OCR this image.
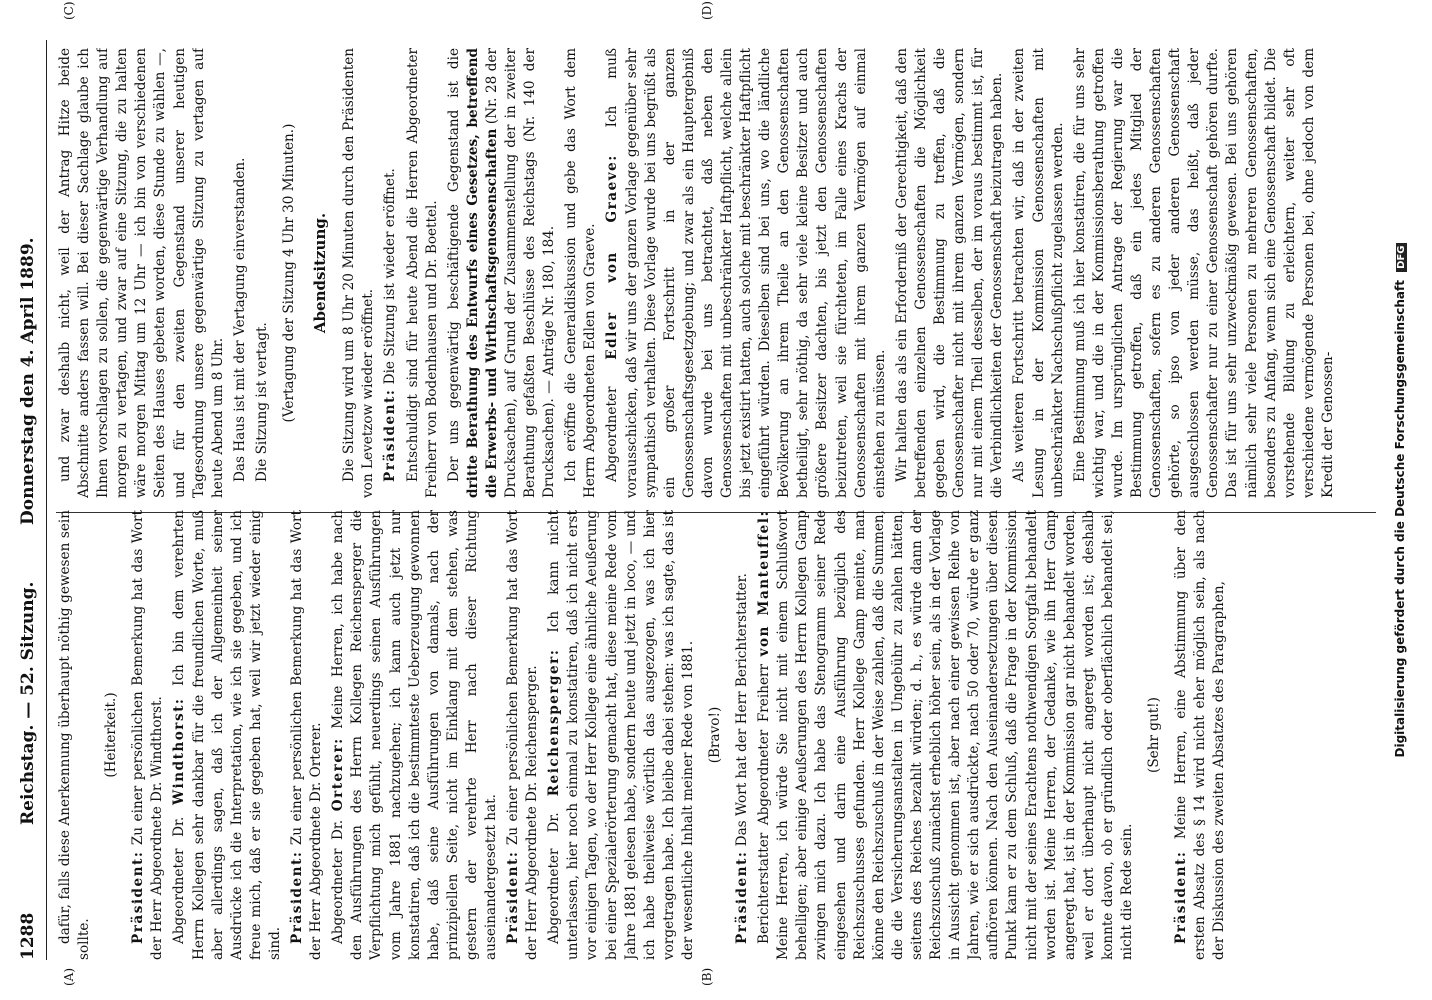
1288
Reichstag. — 52. Sitzung.
Donnerstag den 4. April 1889.
(A)	(B)
(C)	(D)

dafür, falls diese Anerkennung überhaupt nöthig gewesen sein sollte.

(Heiterkeit.)

Präsident: Zu einer persönlichen Bemerkung hat das Wort der Herr Abgeordnete Dr. Windthorst. Abgeordneter Dr. Windthorst: Ich bin dem verehrten Herrn Kollegen sehr dankbar für die freundlichen Worte, muß aber allerdings sagen, daß ich der Allgemeinheit seiner Ausdrücke ich die Interpretation, wie ich sie gegeben, und ich freue mich, daß er sie gegeben hat, weil wir jetzt wieder einig sind. Präsident: Zu einer persönlichen Bemerkung hat das Wort der Herr Abgeordnete Dr. Orterer. Abgeordneter Dr. Orterer: Meine Herren, ich habe nach den Ausführungen des Herrn Kollegen Reichensperger die Verpflichtung mich gefühlt, neuerdings seinen Ausführungen vom Jahre 1881 nachzugehen; ich kann auch jetzt nur konstatiren, daß ich die bestimmteste Ueberzeugung gewonnen habe, daß seine Ausführungen von damals, nach der prinzipiellen Seite, nicht im Einklang mit dem stehen, was gestern der verehrte Herr nach dieser Richtung auseinandergesetzt hat. Präsident: Zu einer persönlichen Bemerkung hat das Wort der Herr Abgeordnete Dr. Reichensperger. Abgeordneter Dr. Reichensperger: Ich kann nicht unterlassen, hier noch einmal zu konstatiren, daß ich nicht erst vor einigen Tagen, wo der Herr Kollege eine ähnliche Aeußerung bei einer Spezialerörterung gemacht hat, diese meine Rede vom Jahre 1881 gelesen habe, sondern heute und jetzt in loco, — und ich habe theilweise wörtlich das ausgezogen, was ich hier vorgetragen habe. Ich bleibe dabei stehen: was ich sagte, das ist der wesentliche Inhalt meiner Rede von 1881. (Bravo!)

Präsident: Das Wort hat der Herr Berichterstatter. Berichterstatter Abgeordneter Freiherr von Manteuffel: Meine Herren, ich würde Sie nicht mit einem Schlußwort behelligen; aber einige Aeußerungen des Herrn Kollegen Gamp zwingen mich dazu. Ich habe das Stenogramm seiner Rede eingesehen und darin eine Ausführung bezüglich des Reichszuschusses gefunden. Herr Kollege Gamp meinte, man könne den Reichszuschuß in der Weise zahlen, daß die Summen, die die Versicherungsanstalten in Ungebühr zu zahlen hätten, seitens des Reiches bezahlt würden; d. h., es würde dann der Reichszuschuß zunächst erheblich höher sein, als in der Vorlage in Aussicht genommen ist, aber nach einer gewissen Reihe von Jahren, wie er sich ausdrückte, nach 50 oder 70, würde er ganz aufhören können. Nach den Auseinandersetzungen über diesen Punkt kam er zu dem Schluß, daß die Frage in der Kommission nicht mit der seines Erachtens nothwendigen Sorgfalt behandelt worden ist. Meine Herren, der Gedanke, wie ihn Herr Gamp angeregt hat, ist in der Kommission gar nicht behandelt worden, weil er dort überhaupt nicht angeregt worden ist; deshalb konnte davon, ob er gründlich oder oberflächlich behandelt sei, nicht die Rede sein.

(Sehr gut!)

Präsident: Meine Herren, eine Abstimmung über den ersten Absatz des § 14 wird nicht eher möglich sein, als nach der Diskussion des zweiten Absatzes des Paragraphen,

und zwar deshalb nicht, weil der Antrag Hitze beide Abschnitte anders fassen will. Bei dieser Sachlage glaube ich Ihnen vorschlagen zu sollen, die gegenwärtige Verhandlung auf morgen zu vertagen, und zwar auf eine Sitzung, die zu halten wäre morgen Mittag um 12 Uhr — ich bin von verschiedenen Seiten des Hauses gebeten worden, diese Stunde zu wählen —, und für den zweiten Gegenstand unserer heutigen Tagesordnung unsere gegenwärtige Sitzung zu vertagen auf heute Abend um 8 Uhr. Das Haus ist mit der Vertagung einverstanden. Die Sitzung ist vertagt. (Vertagung der Sitzung 4 Uhr 30 Minuten.) Abendsitzung. Die Sitzung wird um 8 Uhr 20 Minuten durch den Präsidenten von Levetzow wieder eröffnet. Präsident: Die Sitzung ist wieder eröffnet. Entschuldigt sind für heute Abend die Herren Abgeordneter Freiherr von Bodenhausen und Dr. Boettel. Der uns gegenwärtig beschäftigende Gegenstand ist die dritte Berathung des Entwurfs eines Gesetzes, betreffend die Erwerbs- und Wirthschaftsgenossenschaften (Nr. 28 der Drucksachen), auf Grund der Zusammenstellung der in zweiter Berathung gefaßten Beschlüsse des Reichstags (Nr. 140 der Drucksachen). — Anträge Nr. 180, 184. Ich eröffne die Generaldiskussion und gebe das Wort dem Herrn Abgeordneten Edlen von Graeve. Abgeordneter Edler von Graeve: Ich muß vorausschicken, daß wir uns der ganzen Vorlage gegenüber sehr sympathisch verhalten. Diese Vorlage wurde bei uns begrüßt als ein großer Fortschritt in der ganzen Genossenschaftsgesetzgebung; und zwar als ein Hauptergebniß davon wurde bei uns betrachtet, daß neben den Genossenschaften mit unbeschränkter Haftpflicht, welche allein bis jetzt existirt hatten, auch solche mit beschränkter Haftpflicht eingeführt würden. Dieselben sind bei uns, wo die ländliche Bevölkerung an ihrem Theile an den Genossenschaften betheiligt, sehr nöthig, da sehr viele kleine Besitzer und auch größere Besitzer dachten, bis jetzt den Genossenschaften beizutreten, weil sie fürchteten, im Falle eines Krachs der Genossenschaften mit ihrem ganzen Vermögen auf einmal einstehen zu müssen. Wir halten das als ein Erforderniß der Gerechtigkeit, daß den betreffenden einzelnen Genossenschaften die Möglichkeit gegeben wird, die Bestimmung zu treffen, daß die Genossenschafter nicht mit ihrem ganzen Vermögen, sondern nur mit einem Theil desselben, der im voraus bestimmt ist, für die Verbindlichkeiten der Genossenschaft beizutragen haben. Als weiteren Fortschritt betrachten wir, daß in der zweiten Lesung in der Kommission Genossenschaften mit unbeschränkter Nachschußpflicht zugelassen werden. Eine Bestimmung muß ich hier konstatiren, die für uns sehr wichtig war, und die in der Kommissionsberathung getroffen wurde. Im ursprünglichen Antrage der Regierung war die Bestimmung getroffen, daß ein jedes Mitglied der Genossenschaften, sofern es zu anderen Genossenschaften gehörte, so ipso von jeder anderen Genossenschaft ausgeschlossen werden müsse, das heißt, daß jeder Genossenschafter nur zu einer Genossenschaft gehören durfte. Das ist für uns sehr unzweckmäßig gewesen. Bei uns gehören nämlich sehr viele Personen zu mehreren Genossenschaften, besonders zu Anfang, wenn sich eine Genossenschaft bildet. Die vorstehende Bildung zu erleichtern, weiter sehr oft verschiedene vermögende Personen bei, ohne jedoch von dem Kredit der Genossen-	Digitalisierung gefördert durch die Deutsche Forschungsgemeinschaft DFG
